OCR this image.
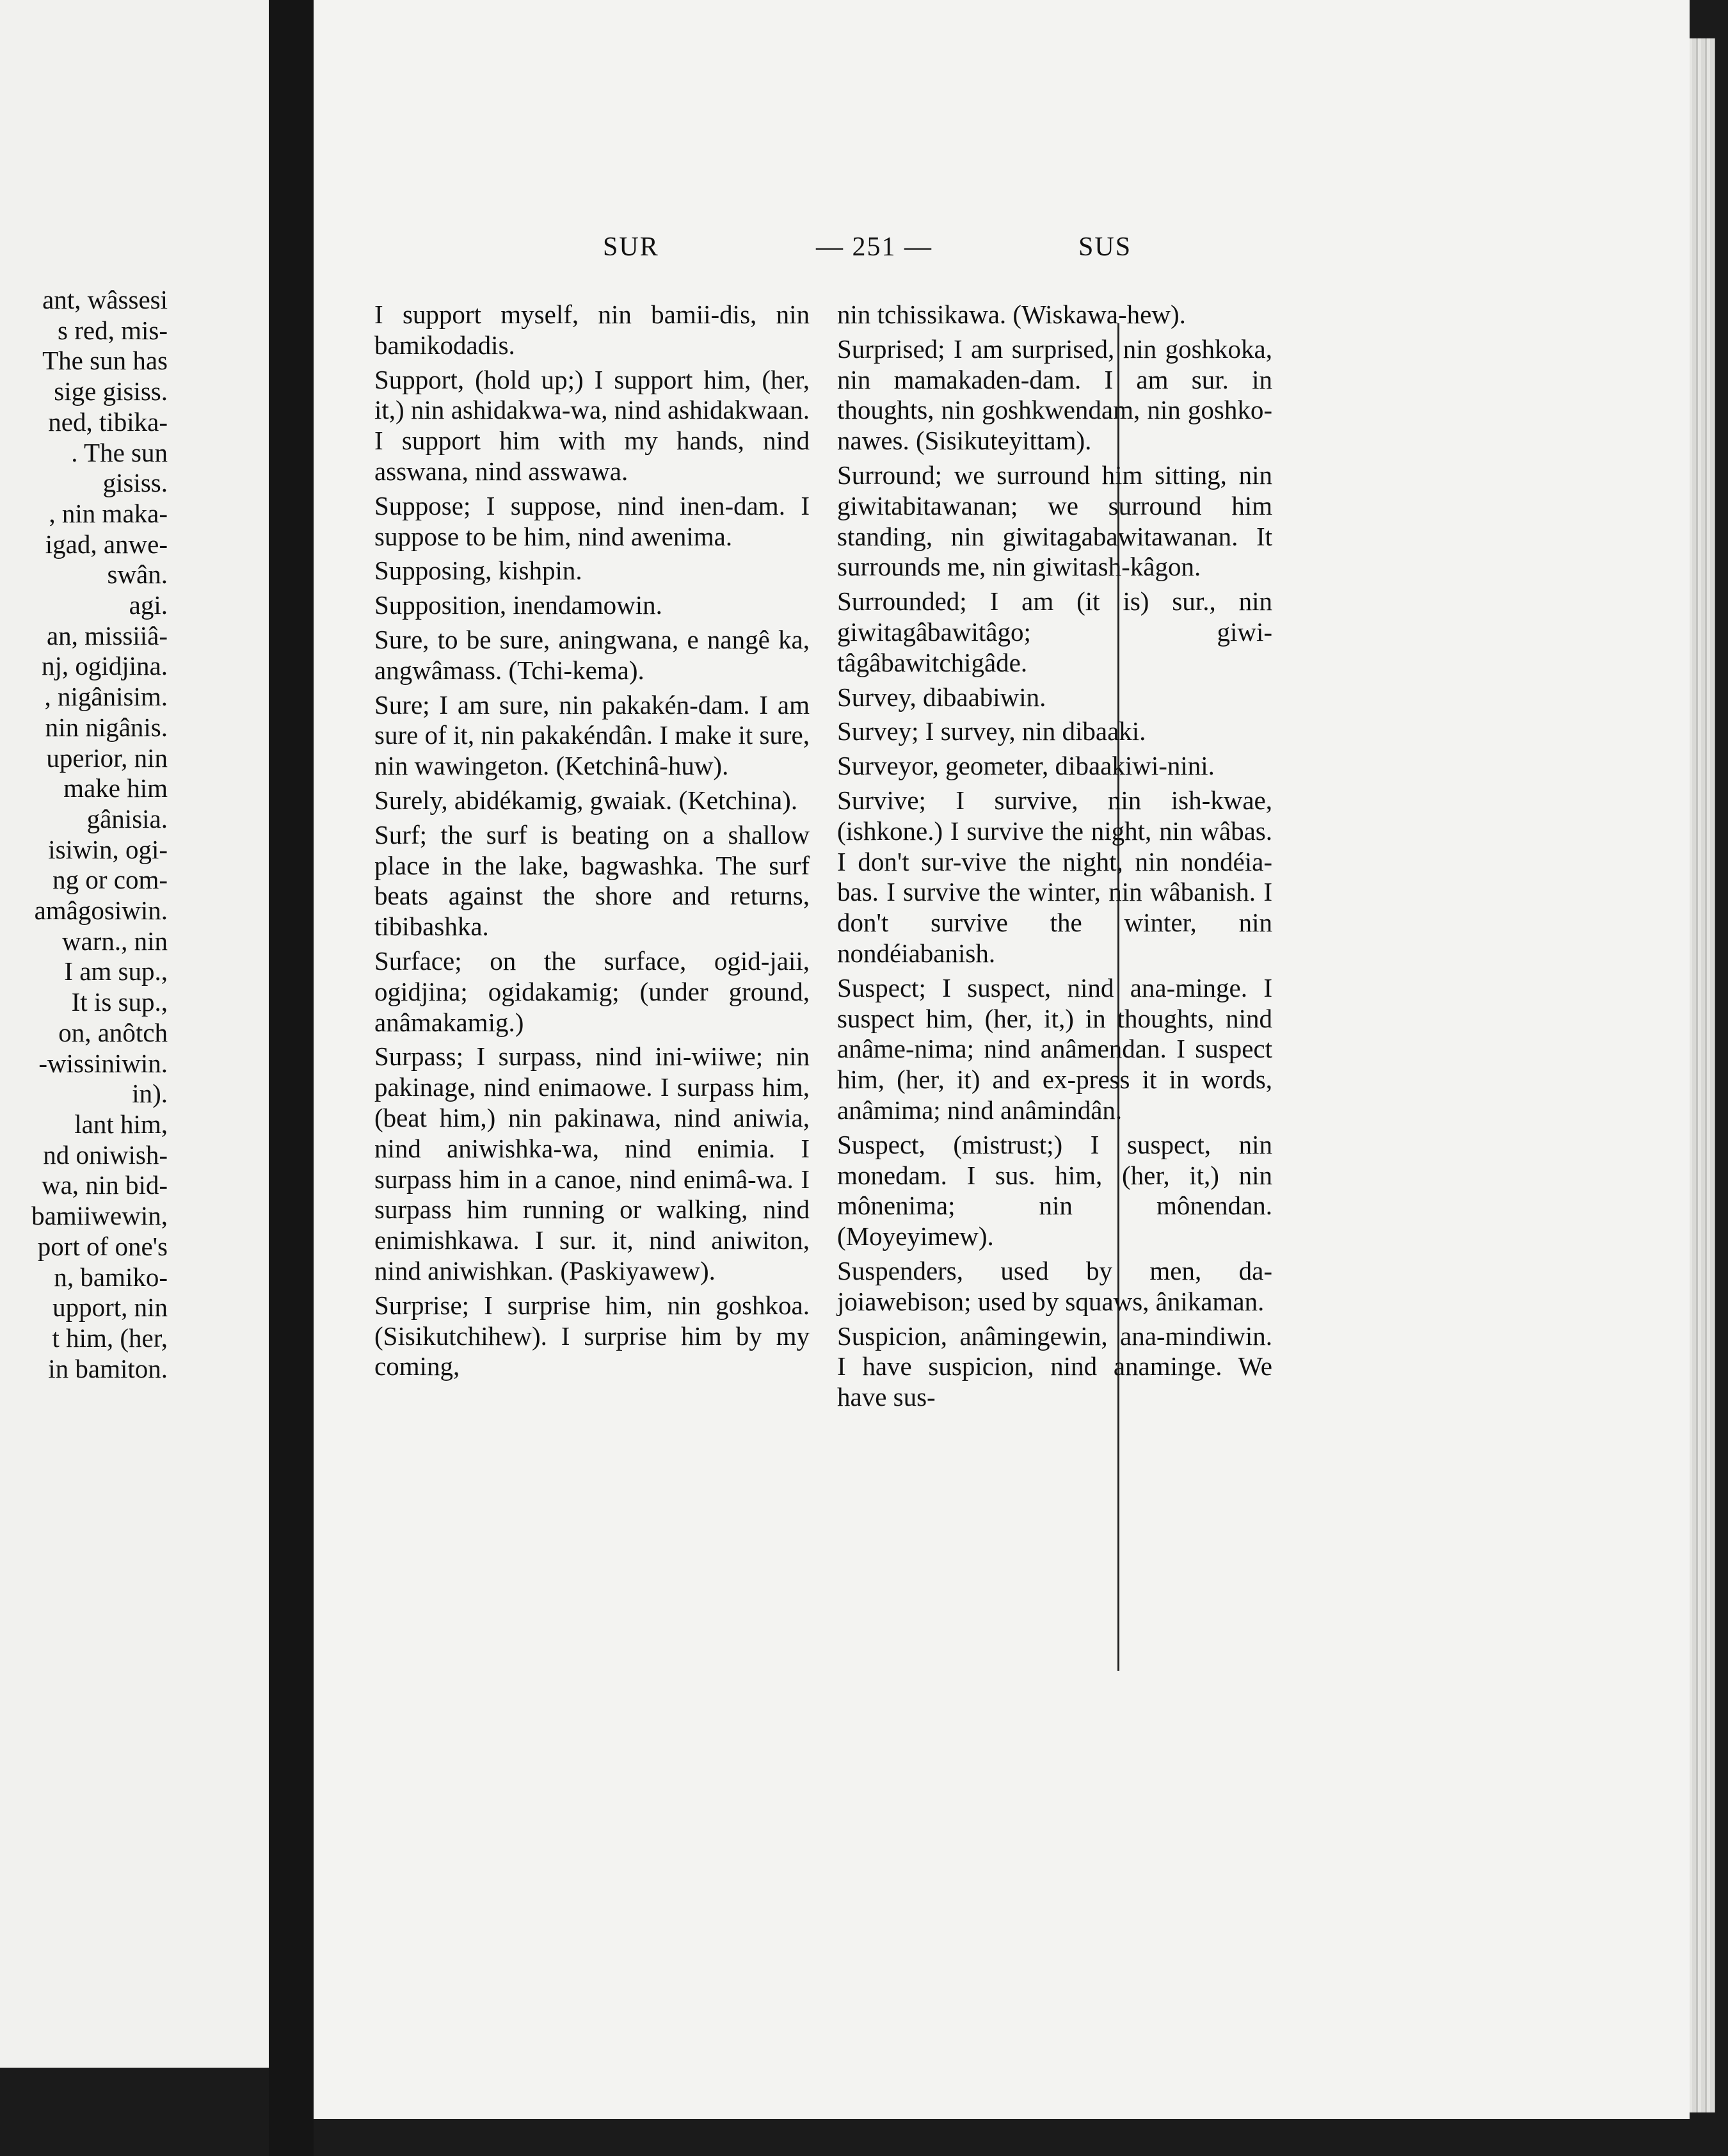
ant, wâssesi
s red, mis-
The sun has
sige gisiss.
ned, tibika-
. The sun
gisiss.
, nin maka-
igad, anwe-
swân.
agi.
an, missiiâ-
nj, ogidjina.
, nigânisim.
nin nigânis.
uperior, nin
make him
gânisia.
isiwin, ogi-
ng or com-
amâgosiwin.
warn., nin
I am sup.,
It is sup.,
on, anôtch
-wissiniwin.
in).
lant him,
nd oniwish-
wa, nin bid-
bamiiwewin,
port of one's
n, bamiko-
upport, nin
t him, (her,
in bamiton.
SUR	— 251 —	SUS
I support myself, nin bamii-dis, nin bamikodadis.
Support, (hold up;) I support him, (her, it,) nin ashidakwa-wa, nind ashidakwaan. I support him with my hands, nind asswana, nind asswawa.
Suppose; I suppose, nind inen-dam. I suppose to be him, nind awenima.
Supposing, kishpin.
Supposition, inendamowin.
Sure, to be sure, aningwana, e nangê ka, angwâmass. (Tchi-kema).
Sure; I am sure, nin pakakén-dam. I am sure of it, nin pakakéndân. I make it sure, nin wawingeton. (Ketchinâ-huw).
Surely, abidékamig, gwaiak. (Ketchina).
Surf; the surf is beating on a shallow place in the lake, bagwashka. The surf beats against the shore and returns, tibibashka.
Surface; on the surface, ogid-jaii, ogidjina; ogidakamig; (under ground, anâmakamig.)
Surpass; I surpass, nind ini-wiiwe; nin pakinage, nind enimaowe. I surpass him, (beat him,) nin pakinawa, nind aniwia, nind aniwishka-wa, nind enimia. I surpass him in a canoe, nind enimâ-wa. I surpass him running or walking, nind enimishkawa. I sur. it, nind aniwiton, nind aniwishkan. (Paskiyawew).
Surprise; I surprise him, nin goshkoa. (Sisikutchihew). I surprise him by my coming,
nin tchissikawa. (Wiskawa-hew).
Surprised; I am surprised, nin goshkoka, nin mamakaden-dam. I am sur. in thoughts, nin goshkwendam, nin goshko-nawes. (Sisikuteyittam).
Surround; we surround him sitting, nin giwitabitawanan; we surround him standing, nin giwitagabawitawanan. It surrounds me, nin giwitash-kâgon.
Surrounded; I am (it is) sur., nin giwitagâbawitâgo; giwi-tâgâbawitchigâde.
Survey, dibaabiwin.
Survey; I survey, nin dibaaki.
Surveyor, geometer, dibaakiwi-nini.
Survive; I survive, nin ish-kwae, (ishkone.) I survive the night, nin wâbas. I don't sur-vive the night, nin nondéia-bas. I survive the winter, nin wâbanish. I don't survive the winter, nin nondéiabanish.
Suspect; I suspect, nind ana-minge. I suspect him, (her, it,) in thoughts, nind anâme-nima; nind anâmendan. I suspect him, (her, it) and ex-press it in words, anâmima; nind anâmindân.
Suspect, (mistrust;) I suspect, nin monedam. I sus. him, (her, it,) nin mônenima; nin mônendan. (Moyeyimew).
Suspenders, used by men, da-joiawebison; used by squaws, ânikaman.
Suspicion, anâmingewin, ana-mindiwin. I have suspicion, nind anaminge. We have sus-
